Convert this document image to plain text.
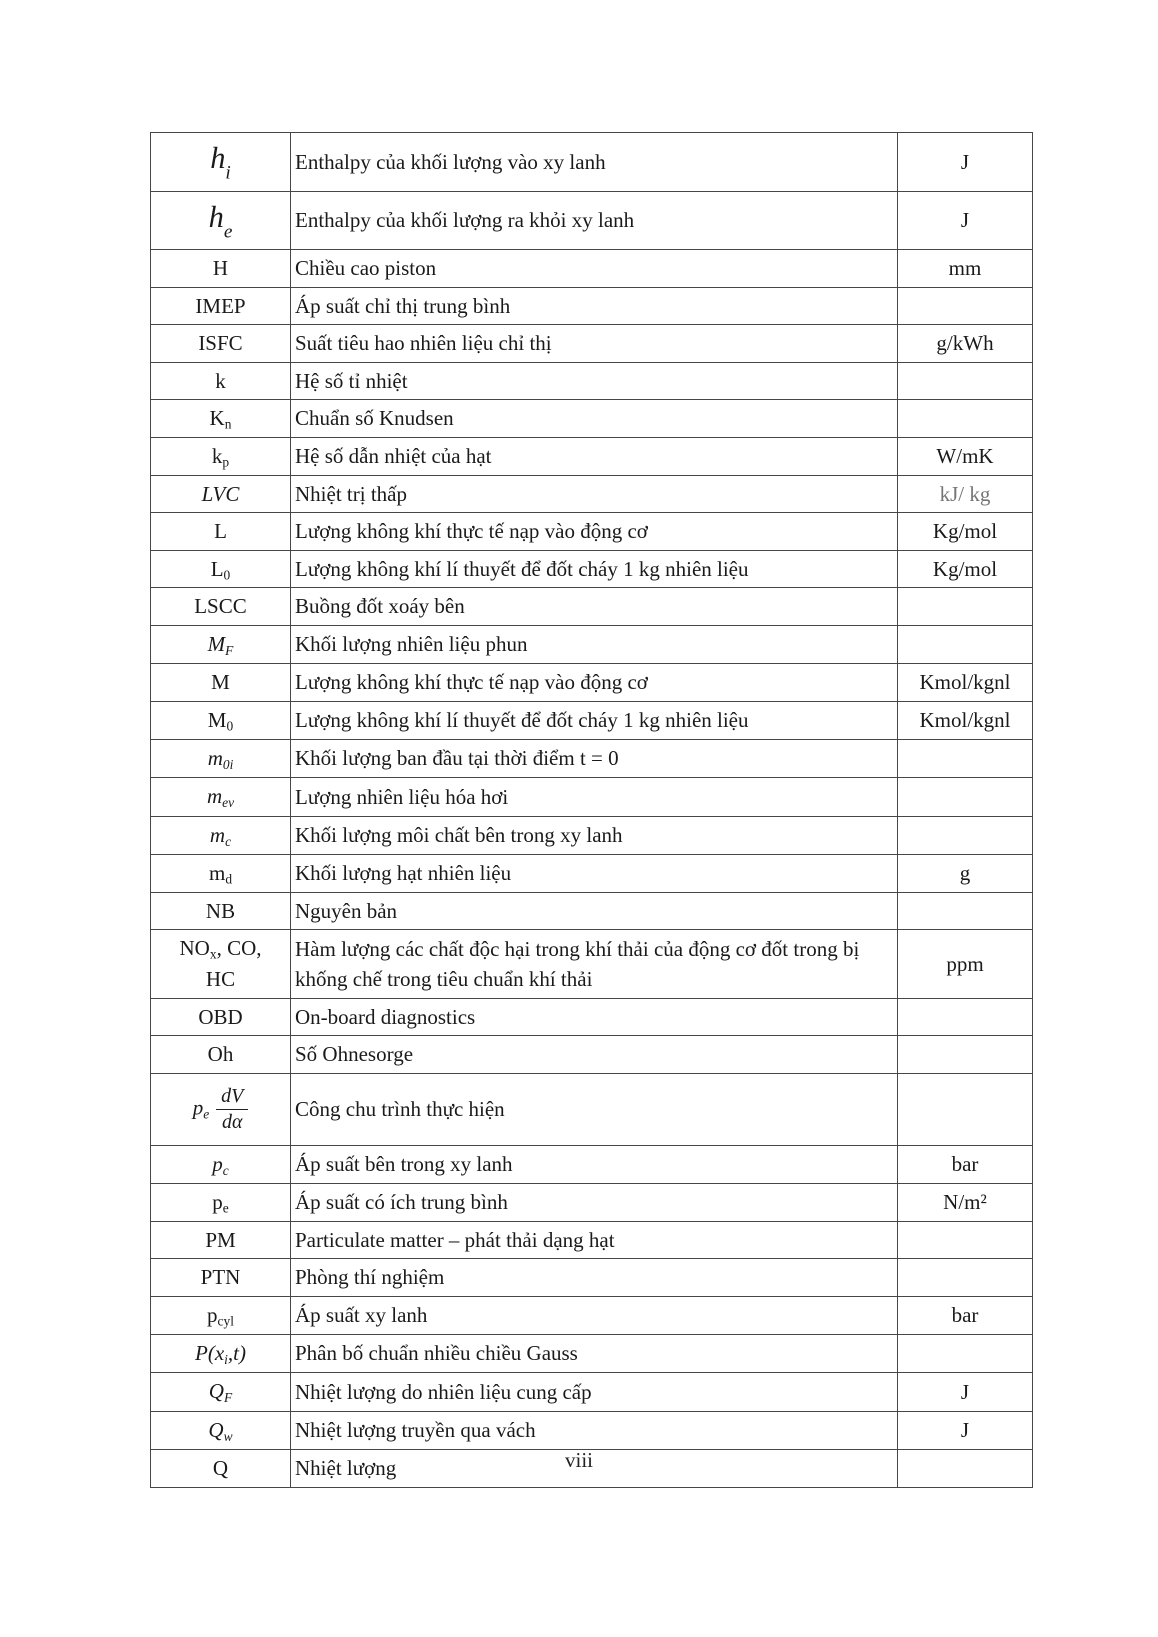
hi	Enthalpy của khối lượng vào xy lanh	J
he	Enthalpy của khối lượng ra khỏi xy lanh	J
H	Chiều cao piston	mm
IMEP	Áp suất chỉ thị trung bình	
ISFC	Suất tiêu hao nhiên liệu chỉ thị	g/kWh
k	Hệ số tỉ nhiệt	
Kn	Chuẩn số Knudsen	
kp	Hệ số dẫn nhiệt của hạt	W/mK
LVC	Nhiệt trị thấp	kJ/ kg
L	Lượng không khí thực tế nạp vào động cơ	Kg/mol
L0	Lượng không khí lí thuyết để đốt cháy 1 kg nhiên liệu	Kg/mol
LSCC	Buồng đốt xoáy bên	
MF	Khối lượng nhiên liệu phun	
M	Lượng không khí thực tế nạp vào động cơ	Kmol/kgnl
M0	Lượng không khí lí thuyết để đốt cháy 1 kg nhiên liệu	Kmol/kgnl
m0i	Khối lượng ban đầu tại thời điểm t = 0	
mev	Lượng nhiên liệu hóa hơi	
mc	Khối lượng môi chất bên trong xy lanh	
md	Khối lượng hạt nhiên liệu	g
NB	Nguyên bản	
NOx, CO,
HC	Hàm lượng các chất độc hại trong khí thải của động cơ đốt trong bị khống chế trong tiêu chuẩn khí thải	ppm
OBD	On-board diagnostics	
Oh	Số Ohnesorge	
pe $\frac{dV}{d\alpha}$	Công chu trình thực hiện	
pc	Áp suất bên trong xy lanh	bar
pe	Áp suất có ích trung bình	N/m²
PM	Particulate matter – phát thải dạng hạt	
PTN	Phòng thí nghiệm	
pcyl	Áp suất xy lanh	bar
P(xi,t)	Phân bố chuẩn nhiều chiều Gauss	
QF	Nhiệt lượng do nhiên liệu cung cấp	J
Qw	Nhiệt lượng truyền qua vách	J
Q	Nhiệt lượng		viii
